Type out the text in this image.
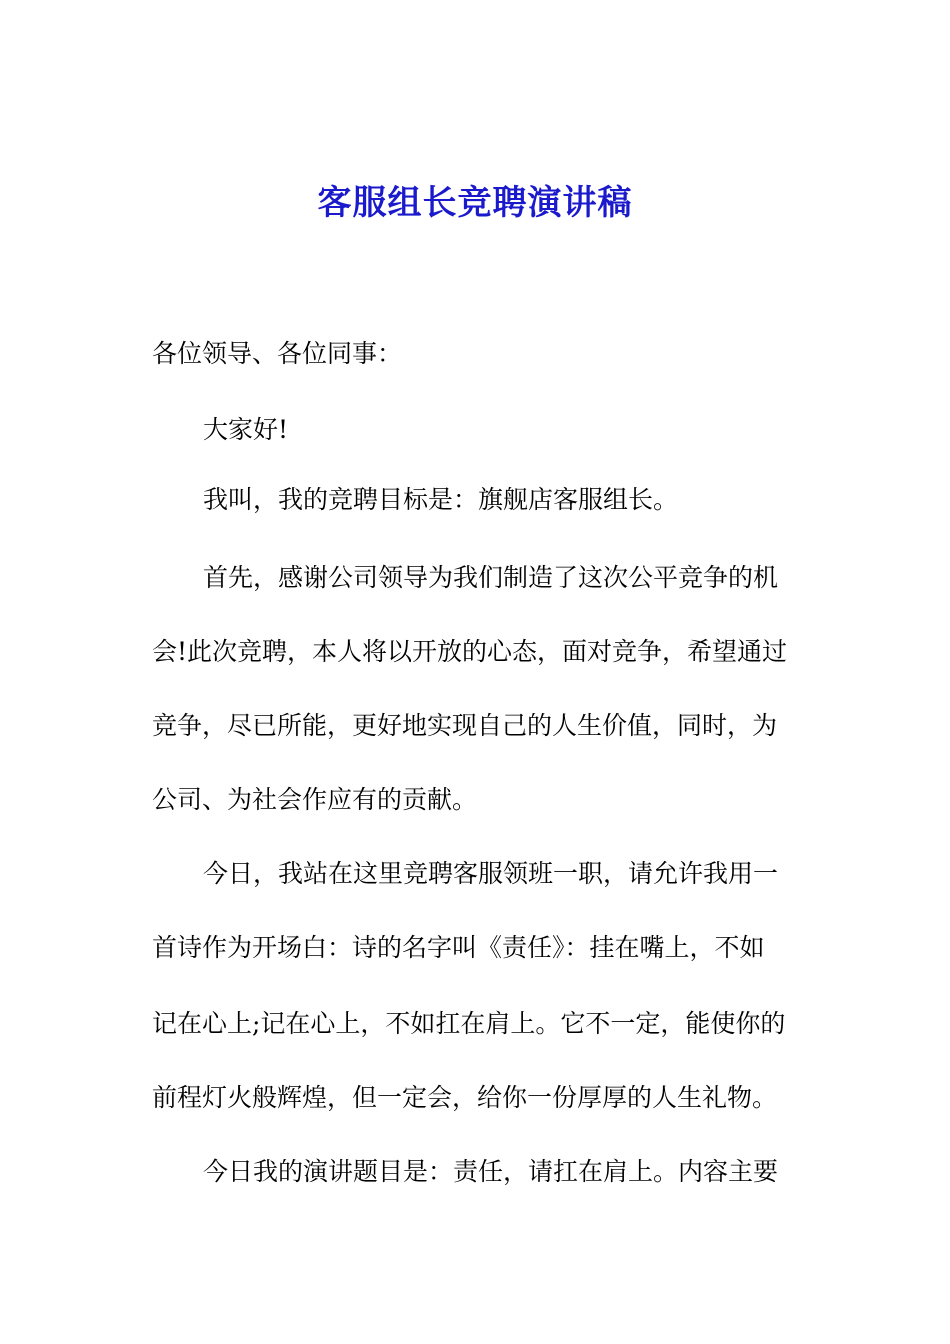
客服组长竞聘演讲稿
各位领导、各位同事：
大家好!
我叫，我的竞聘目标是：旗舰店客服组长。
首先，感谢公司领导为我们制造了这次公平竞争的机
会!此次竞聘，本人将以开放的心态，面对竞争，希望通过
竞争，尽已所能，更好地实现自己的人生价值，同时，为
公司、为社会作应有的贡献。
今日，我站在这里竞聘客服领班一职，请允许我用一
首诗作为开场白：诗的名字叫《责任》：挂在嘴上，不如
记在心上;记在心上，不如扛在肩上。它不一定，能使你的
前程灯火般辉煌，但一定会，给你一份厚厚的人生礼物。
今日我的演讲题目是：责任，请扛在肩上。内容主要
